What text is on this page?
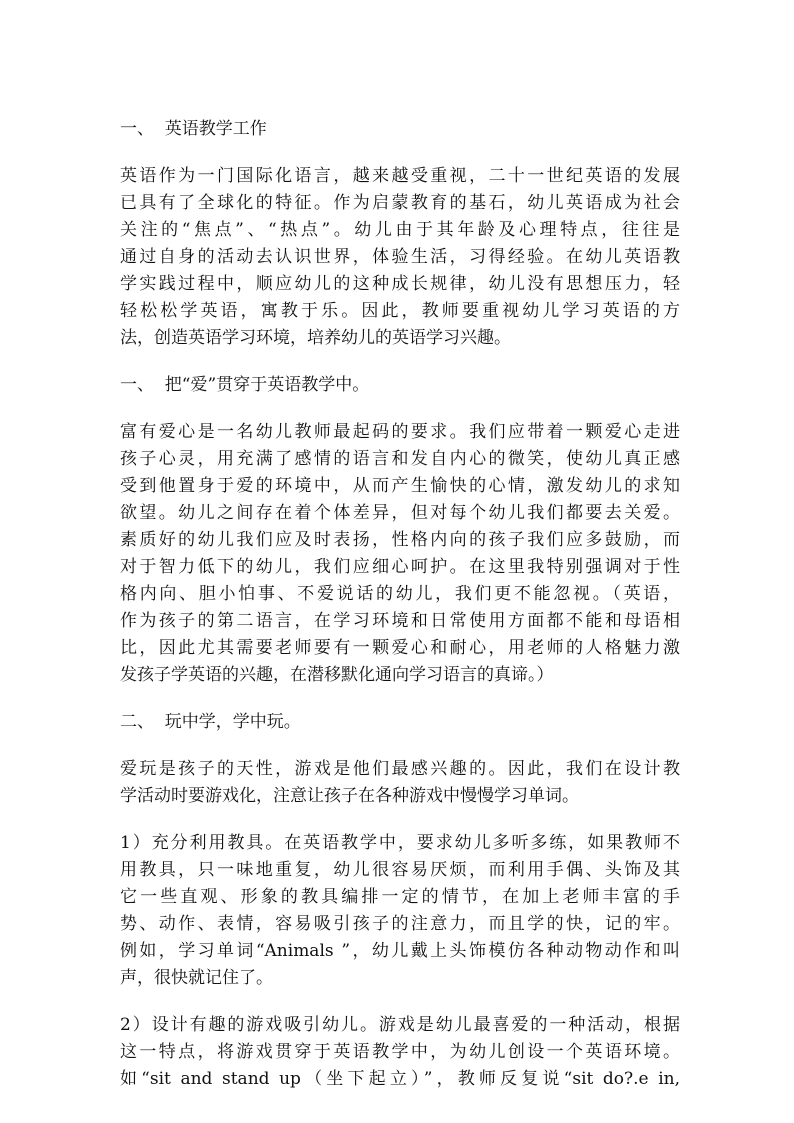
一、  英语教学工作
英语作为一门国际化语言，越来越受重视，二十一世纪英语的发展
已具有了全球化的特征。作为启蒙教育的基石，幼儿英语成为社会
关注的“焦点”、“热点”。幼儿由于其年龄及心理特点，往往是
通过自身的活动去认识世界，体验生活，习得经验。在幼儿英语教
学实践过程中，顺应幼儿的这种成长规律，幼儿没有思想压力，轻
轻松松学英语，寓教于乐。因此，教师要重视幼儿学习英语的方
法，创造英语学习环境，培养幼儿的英语学习兴趣。
一、  把“爱”贯穿于英语教学中。
富有爱心是一名幼儿教师最起码的要求。我们应带着一颗爱心走进
孩子心灵，用充满了感情的语言和发自内心的微笑，使幼儿真正感
受到他置身于爱的环境中，从而产生愉快的心情，激发幼儿的求知
欲望。幼儿之间存在着个体差异，但对每个幼儿我们都要去关爱。
素质好的幼儿我们应及时表扬，性格内向的孩子我们应多鼓励，而
对于智力低下的幼儿，我们应细心呵护。在这里我特别强调对于性
格内向、胆小怕事、不爱说话的幼儿，我们更不能忽视。（英语，
作为孩子的第二语言，在学习环境和日常使用方面都不能和母语相
比，因此尤其需要老师要有一颗爱心和耐心，用老师的人格魅力激
发孩子学英语的兴趣，在潜移默化通向学习语言的真谛。）
二、  玩中学，学中玩。
爱玩是孩子的天性，游戏是他们最感兴趣的。因此，我们在设计教
学活动时要游戏化，注意让孩子在各种游戏中慢慢学习单词。
1）充分利用教具。在英语教学中，要求幼儿多听多练，如果教师不
用教具，只一味地重复，幼儿很容易厌烦，而利用手偶、头饰及其
它一些直观、形象的教具编排一定的情节，在加上老师丰富的手
势、动作、表情，容易吸引孩子的注意力，而且学的快，记的牢。
例如，学习单词“Animals ”，幼儿戴上头饰模仿各种动物动作和叫
声，很快就记住了。
2）设计有趣的游戏吸引幼儿。游戏是幼儿最喜爱的一种活动，根据
这一特点，将游戏贯穿于英语教学中，为幼儿创设一个英语环境。
如“sit and stand up（坐下起立）”，教师反复说“sit do?.e in,
